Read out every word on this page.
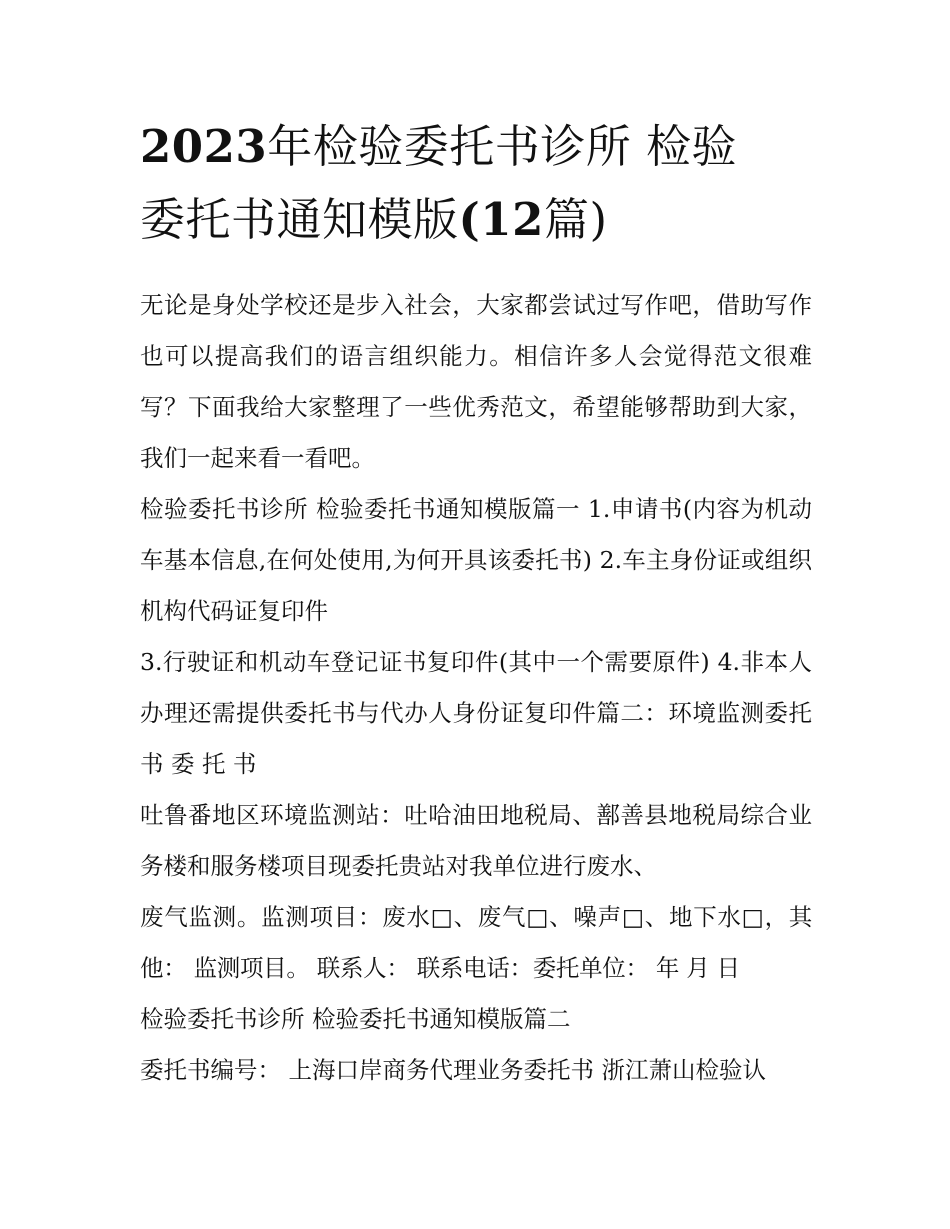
2023年检验委托书诊所 检验
委托书通知模版(12篇)

无论是身处学校还是步入社会，大家都尝试过写作吧，借助写作也可以提高我们的语言组织能力。相信许多人会觉得范文很难写？下面我给大家整理了一些优秀范文，希望能够帮助到大家，我们一起来看一看吧。

检验委托书诊所 检验委托书通知模版篇一 1.申请书(内容为机动车基本信息,在何处使用,为何开具该委托书) 2.车主身份证或组织机构代码证复印件

3.行驶证和机动车登记证书复印件(其中一个需要原件) 4.非本人办理还需提供委托书与代办人身份证复印件篇二：环境监测委托书 委 托 书

吐鲁番地区环境监测站：吐哈油田地税局、鄯善县地税局综合业务楼和服务楼项目现委托贵站对我单位进行废水、

废气监测。监测项目：废水□、废气□、噪声□、地下水□，其他： 监测项目。 联系人： 联系电话：委托单位： 年 月 日

检验委托书诊所 检验委托书通知模版篇二

委托书编号： 上海口岸商务代理业务委托书 浙江萧山检验认
